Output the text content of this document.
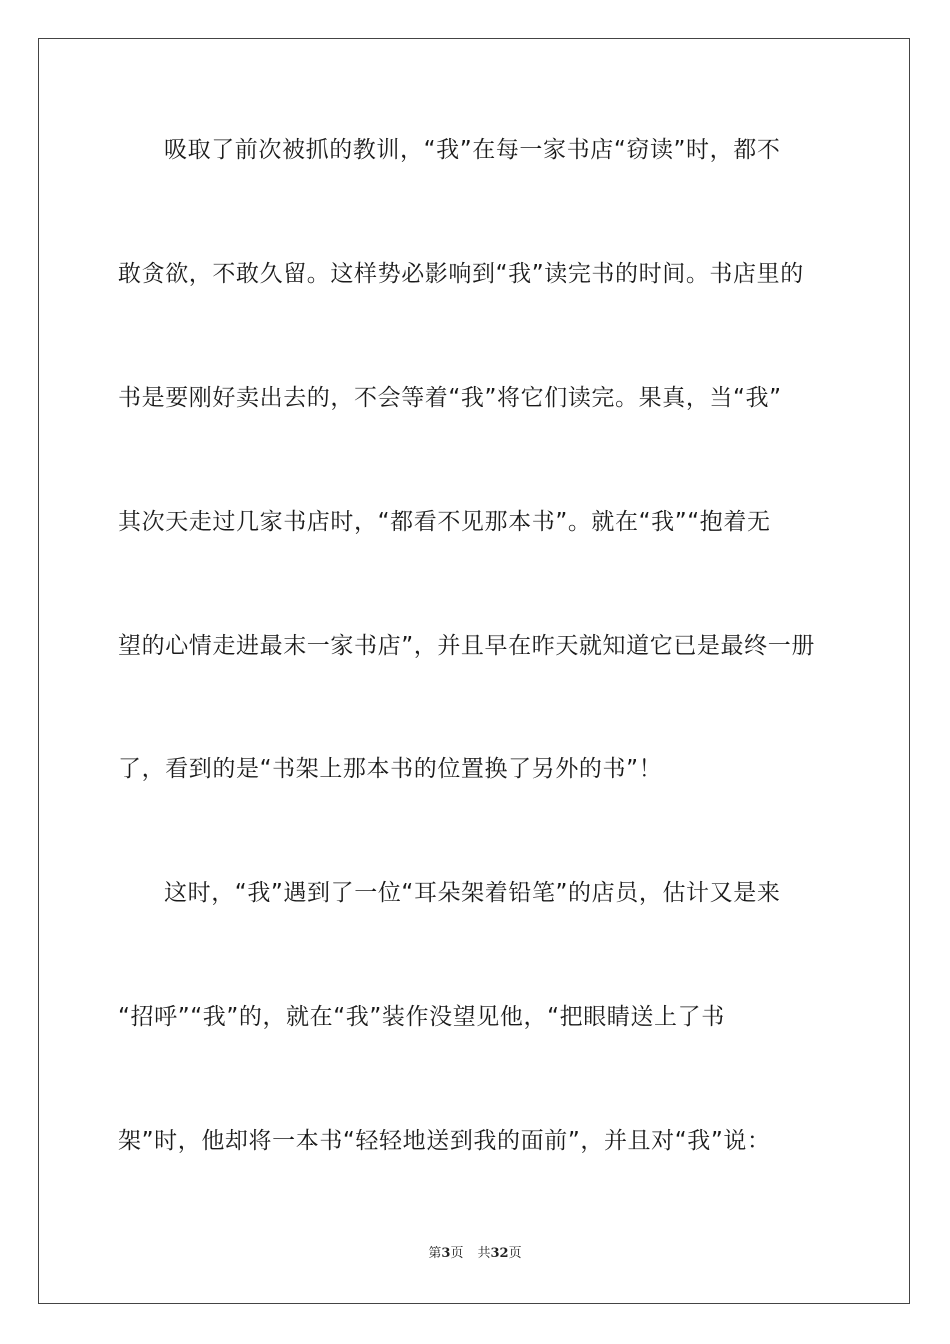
吸取了前次被抓的教训，“我”在每一家书店“窃读”时，都不
敢贪欲，不敢久留。这样势必影响到“我”读完书的时间。书店里的
书是要刚好卖出去的，不会等着“我”将它们读完。果真，当“我”
其次天走过几家书店时，“都看不见那本书”。就在“我”“抱着无
望的心情走进最末一家书店”，并且早在昨天就知道它已是最终一册
了，看到的是“书架上那本书的位置换了另外的书”！
这时，“我”遇到了一位“耳朵架着铅笔”的店员，估计又是来
“招呼”“我”的，就在“我”装作没望见他，“把眼睛送上了书
架”时，他却将一本书“轻轻地送到我的面前”，并且对“我”说：
第3页 共32页
